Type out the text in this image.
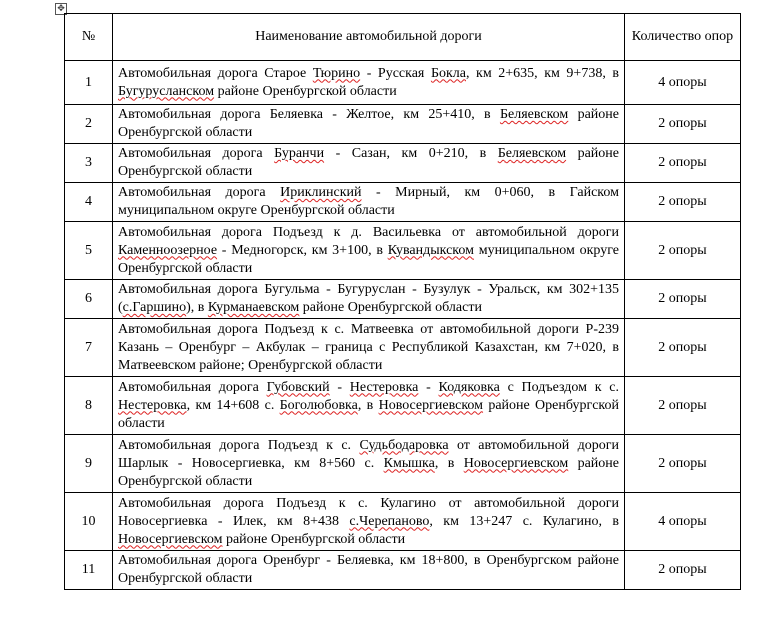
✥
№	Наименование автомобильной дороги	Количество опор
1	Автомобильная дорога Старое Тюрино - Русская Бокла, км 2+635, км 9+738, в Бугурусланском районе Оренбургской области	4 опоры
2	Автомобильная дорога Беляевка - Желтое, км 25+410, в Беляевском районе Оренбургской области	2 опоры
3	Автомобильная дорога Буранчи - Сазан, км 0+210, в Беляевском районе Оренбургской области	2 опоры
4	Автомобильная дорога Ириклинский - Мирный, км 0+060, в Гайском муниципальном округе Оренбургской области	2 опоры
5	Автомобильная дорога Подъезд к д. Васильевка от автомобильной дороги Каменноозерное - Медногорск, км 3+100, в Кувандыкском муниципальном округе Оренбургской области	2 опоры
6	Автомобильная дорога Бугульма - Бугуруслан - Бузулук - Уральск, км 302+135 (с.Гаршино), в Курманаевском районе Оренбургской области	2 опоры
7	Автомобильная дорога Подъезд к с. Матвеевка от автомобильной дороги Р-239 Казань – Оренбург – Акбулак – граница с Республикой Казахстан, км 7+020, в Матвеевском районе; Оренбургской области	2 опоры
8	Автомобильная дорога Губовский - Нестеровка - Кодяковка с Подъездом к с. Нестеровка, км 14+608 с. Боголюбовка, в Новосергиевском районе Оренбургской области	2 опоры
9	Автомобильная дорога Подъезд к с. Судьбодаровка от автомобильной дороги Шарлык - Новосергиевка, км 8+560 с. Кмышка, в Новосергиевском районе Оренбургской области	2 опоры
10	Автомобильная дорога Подъезд к с. Кулагино от автомобильной дороги Новосергиевка - Илек, км 8+438 с.Черепаново, км 13+247 с. Кулагино, в Новосергиевском районе Оренбургской области	4 опоры
11	Автомобильная дорога Оренбург - Беляевка, км 18+800, в Оренбургском районе Оренбургской области	2 опоры
